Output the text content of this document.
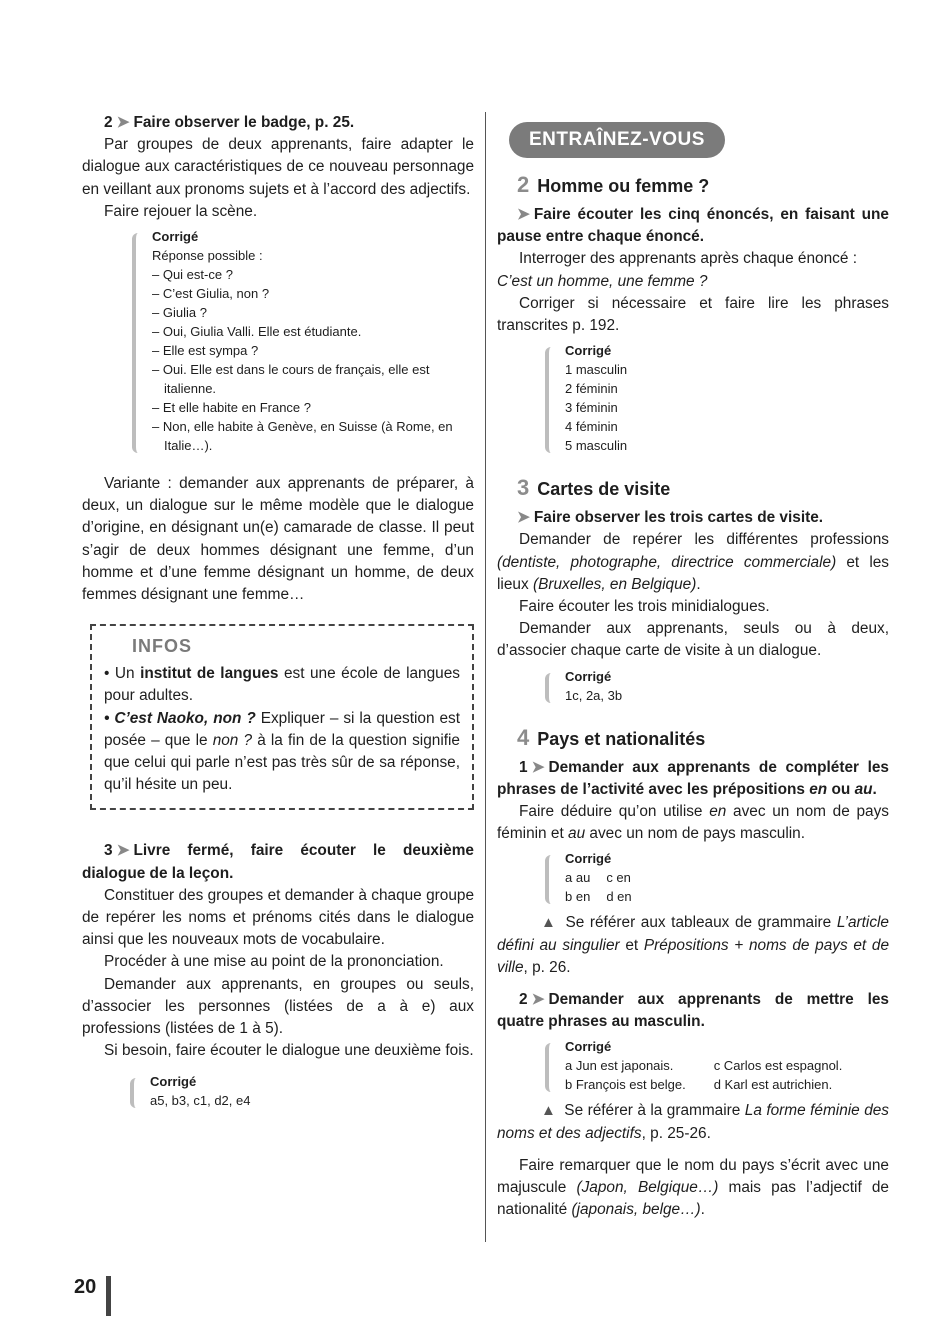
2 ➤ Faire observer le badge, p. 25.

Par groupes de deux apprenants, faire adapter le dialogue aux caractéristiques de ce nouveau personnage en veillant aux pronoms sujets et à l’accord des adjectifs.

Faire rejouer la scène.

Corrigé
Réponse possible :
– Qui est-ce ?
– C’est Giulia, non ?
– Giulia ?
– Oui, Giulia Valli. Elle est étudiante.
– Elle est sympa ?
– Oui. Elle est dans le cours de français, elle est italienne.
– Et elle habite en France ?
– Non, elle habite à Genève, en Suisse (à Rome, en Italie…).

Variante : demander aux apprenants de préparer, à deux, un dialogue sur le même modèle que le dialogue d’origine, en désignant un(e) camarade de classe. Il peut s’agir de deux hommes désignant une femme, d’un homme et d’une femme désignant un homme, de deux femmes désignant une femme…

INFOS

• Un institut de langues est une école de langues pour adultes.

• C’est Naoko, non ? Expliquer – si la question est posée – que le non ? à la fin de la question signifie que celui qui parle n’est pas très sûr de sa réponse, qu’il hésite un peu.

3 ➤ Livre fermé, faire écouter le deuxième dialogue de la leçon.

Constituer des groupes et demander à chaque groupe de repérer les noms et prénoms cités dans le dialogue ainsi que les nouveaux mots de vocabulaire.

Procéder à une mise au point de la prononciation.

Demander aux apprenants, en groupes ou seuls, d’associer les personnes (listées de a à e) aux professions (listées de 1 à 5).

Si besoin, faire écouter le dialogue une deuxième fois.

Corrigé
a5, b3, c1, d2, e4
ENTRAÎNEZ-VOUS
2 Homme ou femme ?

➤ Faire écouter les cinq énoncés, en faisant une pause entre chaque énoncé.

Interroger des apprenants après chaque énoncé :
C’est un homme, une femme ?

Corriger si nécessaire et faire lire les phrases transcrites p. 192.

Corrigé
1 masculin
2 féminin
3 féminin
4 féminin
5 masculin
3 Cartes de visite

➤ Faire observer les trois cartes de visite.

Demander de repérer les différentes professions (dentiste, photographe, directrice commerciale) et les lieux (Bruxelles, en Belgique).

Faire écouter les trois minidialogues.

Demander aux apprenants, seuls ou à deux, d’associer chaque carte de visite à un dialogue.

Corrigé
1c, 2a, 3b
4 Pays et nationalités

1 ➤ Demander aux apprenants de compléter les phrases de l’activité avec les prépositions en ou au.

Faire déduire qu’on utilise en avec un nom de pays féminin et au avec un nom de pays masculin.

Corrigé
a au c en
b en d en

▲ Se référer aux tableaux de grammaire L’article défini au singulier et Prépositions + noms de pays et de ville, p. 26.

2 ➤ Demander aux apprenants de mettre les quatre phrases au masculin.

Corrigé
a Jun est japonais.	c Carlos est espagnol.
b François est belge. d Karl est autrichien.

▲ Se référer à la grammaire La forme féminie des noms et des adjectifs, p. 25-26.

Faire remarquer que le nom du pays s’écrit avec une majuscule (Japon, Belgique…) mais pas l’adjectif de nationalité (japonais, belge…).

20
